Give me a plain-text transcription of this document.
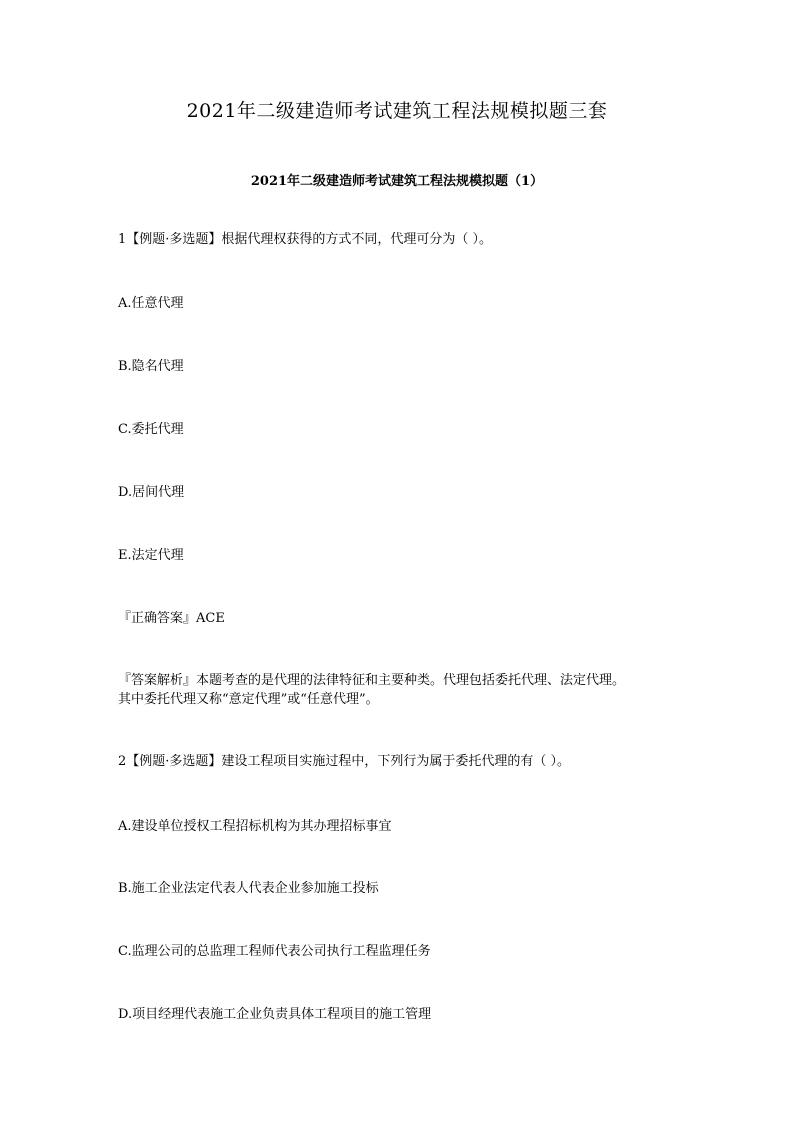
2021年二级建造师考试建筑工程法规模拟题三套
2021年二级建造师考试建筑工程法规模拟题（1）

1【例题·多选题】根据代理权获得的方式不同，代理可分为（ ）。

A.任意代理

B.隐名代理

C.委托代理

D.居间代理

E.法定代理

『正确答案』ACE

『答案解析』本题考查的是代理的法律特征和主要种类。代理包括委托代理、法定代理。

其中委托代理又称“意定代理”或“任意代理”。

2【例题·多选题】建设工程项目实施过程中，下列行为属于委托代理的有（ ）。

A.建设单位授权工程招标机构为其办理招标事宜

B.施工企业法定代表人代表企业参加施工投标

C.监理公司的总监理工程师代表公司执行工程监理任务

D.项目经理代表施工企业负责具体工程项目的施工管理
